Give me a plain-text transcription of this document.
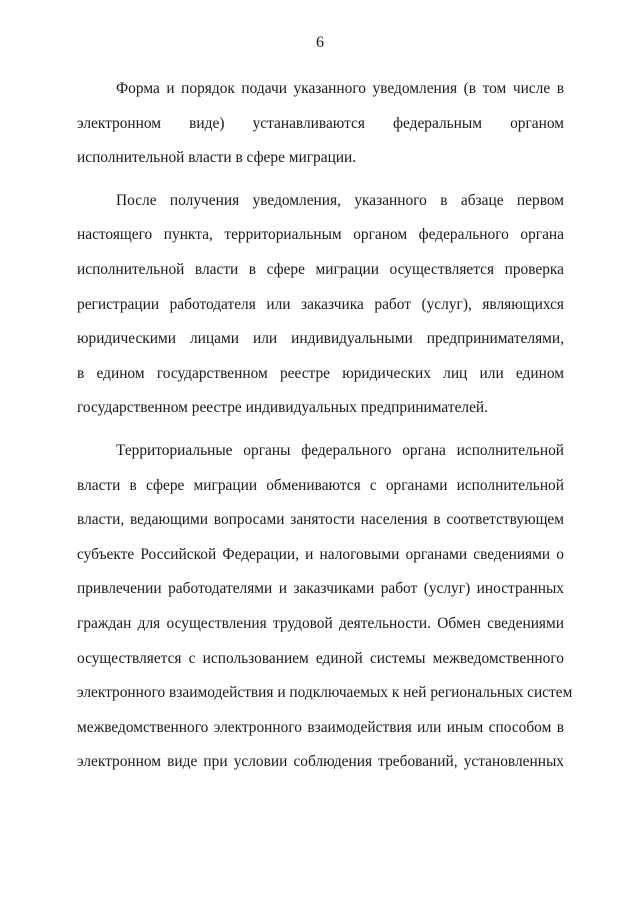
6
Форма и порядок подачи указанного уведомления (в том числе в
электронном виде) устанавливаются федеральным органом
исполнительной власти в сфере миграции.
После получения уведомления, указанного в абзаце первом
настоящего пункта, территориальным органом федерального органа
исполнительной власти в сфере миграции осуществляется проверка
регистрации работодателя или заказчика работ (услуг), являющихся
юридическими лицами или индивидуальными предпринимателями,
в едином государственном реестре юридических лиц или едином
государственном реестре индивидуальных предпринимателей.
Территориальные органы федерального органа исполнительной
власти в сфере миграции обмениваются с органами исполнительной
власти, ведающими вопросами занятости населения в соответствующем
субъекте Российской Федерации, и налоговыми органами сведениями о
привлечении работодателями и заказчиками работ (услуг) иностранных
граждан для осуществления трудовой деятельности. Обмен сведениями
осуществляется с использованием единой системы межведомственного
электронного взаимодействия и подключаемых к ней региональных систем
межведомственного электронного взаимодействия или иным способом в
электронном виде при условии соблюдения требований, установленных
